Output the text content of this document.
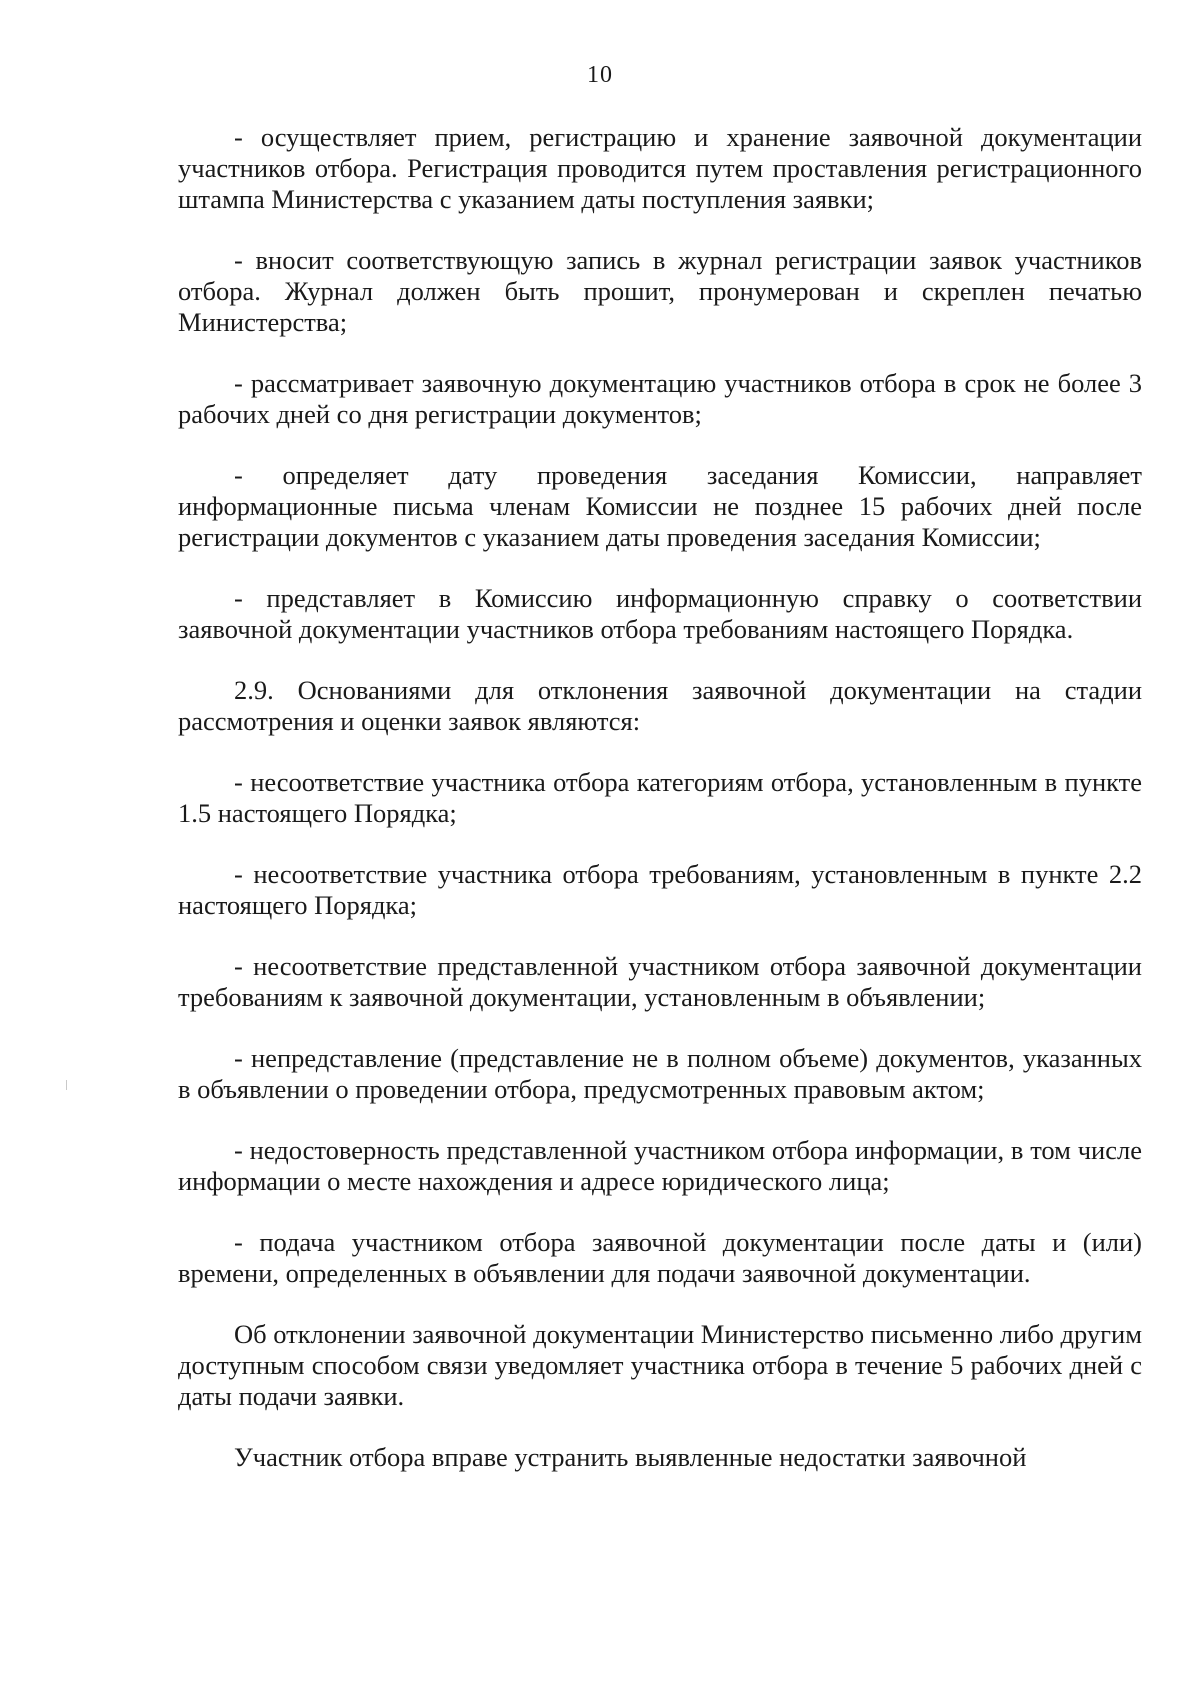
10

- осуществляет прием, регистрацию и хранение заявочной документации участников отбора. Регистрация проводится путем проставления регистрационного штампа Министерства с указанием даты поступления заявки;

- вносит соответствующую запись в журнал регистрации заявок участников отбора. Журнал должен быть прошит, пронумерован и скреплен печатью Министерства;

- рассматривает заявочную документацию участников отбора в срок не более 3 рабочих дней со дня регистрации документов;

- определяет дату проведения заседания Комиссии, направляет информационные письма членам Комиссии не позднее 15 рабочих дней после регистрации документов с указанием даты проведения заседания Комиссии;

- представляет в Комиссию информационную справку о соответствии заявочной документации участников отбора требованиям настоящего Порядка.

2.9. Основаниями для отклонения заявочной документации на стадии рассмотрения и оценки заявок являются:

- несоответствие участника отбора категориям отбора, установленным в пункте 1.5 настоящего Порядка;

- несоответствие участника отбора требованиям, установленным в пункте 2.2 настоящего Порядка;

- несоответствие представленной участником отбора заявочной документации требованиям к заявочной документации, установленным в объявлении;

- непредставление (представление не в полном объеме) документов, указанных в объявлении о проведении отбора, предусмотренных правовым актом;

- недостоверность представленной участником отбора информации, в том числе информации о месте нахождения и адресе юридического лица;

- подача участником отбора заявочной документации после даты и (или) времени, определенных в объявлении для подачи заявочной документации.

Об отклонении заявочной документации Министерство письменно либо другим доступным способом связи уведомляет участника отбора в течение 5 рабочих дней с даты подачи заявки.

Участник отбора вправе устранить выявленные недостатки заявочной
